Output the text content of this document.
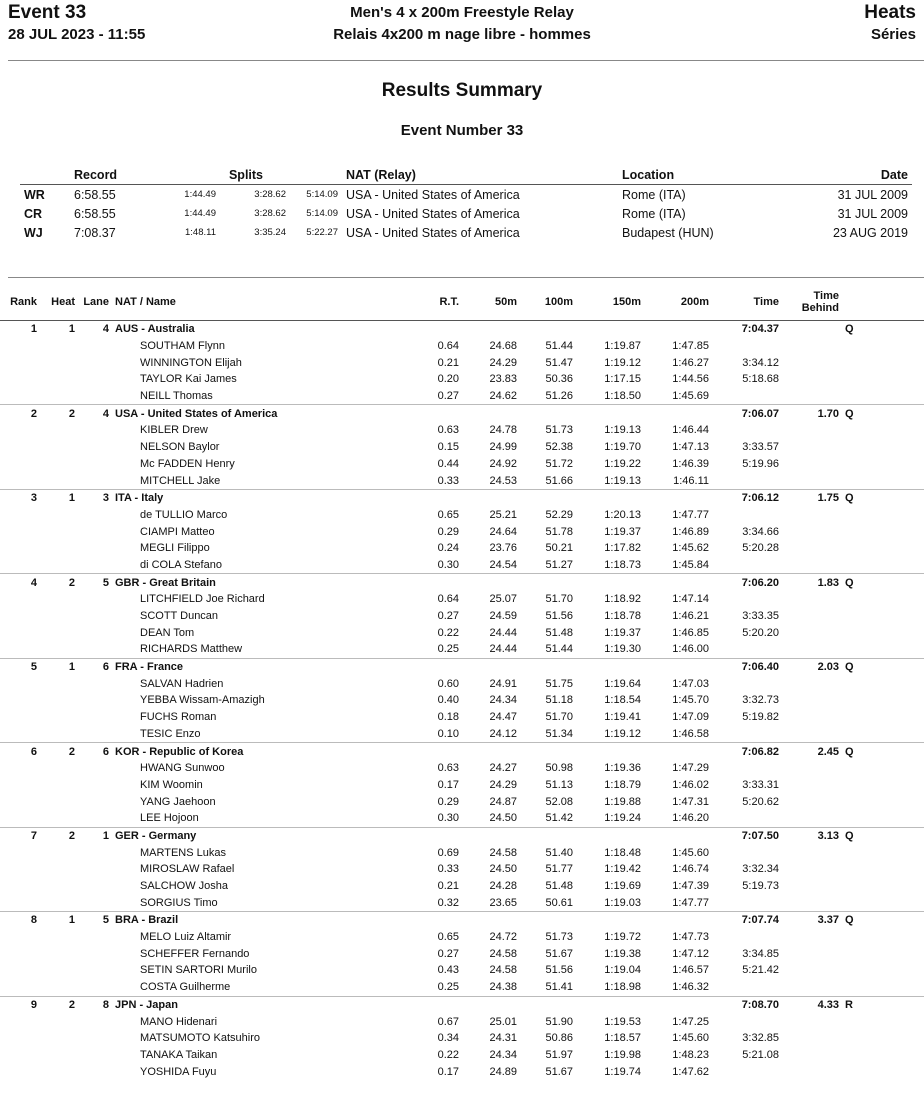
Event 33
28 JUL 2023 - 11:55
Men's 4 x 200m Freestyle Relay
Relais 4x200 m nage libre - hommes
Heats
Séries
Results Summary
Event Number 33
	Record	Splits			NAT (Relay)	Location	Date
WR	6:58.55	1:44.49	3:28.62	5:14.09	USA - United States of America	Rome (ITA)	31 JUL 2009
CR	6:58.55	1:44.49	3:28.62	5:14.09	USA - United States of America	Rome (ITA)	31 JUL 2009
WJ	7:08.37	1:48.11	3:35.24	5:22.27	USA - United States of America	Budapest (HUN)	23 AUG 2019
Rank	Heat	Lane	NAT / Name	R.T.	50m	100m	150m	200m	Time	Time
Behind	
1	1	4	AUS - Australia						7:04.37		Q
			SOUTHAM Flynn	0.64	24.68	51.44	1:19.87	1:47.85			
			WINNINGTON Elijah	0.21	24.29	51.47	1:19.12	1:46.27	3:34.12		
			TAYLOR Kai James	0.20	23.83	50.36	1:17.15	1:44.56	5:18.68		
			NEILL Thomas	0.27	24.62	51.26	1:18.50	1:45.69			
2	2	4	USA - United States of America						7:06.07	1.70	Q
			KIBLER Drew	0.63	24.78	51.73	1:19.13	1:46.44			
			NELSON Baylor	0.15	24.99	52.38	1:19.70	1:47.13	3:33.57		
			Mc FADDEN Henry	0.44	24.92	51.72	1:19.22	1:46.39	5:19.96		
			MITCHELL Jake	0.33	24.53	51.66	1:19.13	1:46.11			
3	1	3	ITA - Italy						7:06.12	1.75	Q
			de TULLIO Marco	0.65	25.21	52.29	1:20.13	1:47.77			
			CIAMPI Matteo	0.29	24.64	51.78	1:19.37	1:46.89	3:34.66		
			MEGLI Filippo	0.24	23.76	50.21	1:17.82	1:45.62	5:20.28		
			di COLA Stefano	0.30	24.54	51.27	1:18.73	1:45.84			
4	2	5	GBR - Great Britain						7:06.20	1.83	Q
			LITCHFIELD Joe Richard	0.64	25.07	51.70	1:18.92	1:47.14			
			SCOTT Duncan	0.27	24.59	51.56	1:18.78	1:46.21	3:33.35		
			DEAN Tom	0.22	24.44	51.48	1:19.37	1:46.85	5:20.20		
			RICHARDS Matthew	0.25	24.44	51.44	1:19.30	1:46.00			
5	1	6	FRA - France						7:06.40	2.03	Q
			SALVAN Hadrien	0.60	24.91	51.75	1:19.64	1:47.03			
			YEBBA Wissam-Amazigh	0.40	24.34	51.18	1:18.54	1:45.70	3:32.73		
			FUCHS Roman	0.18	24.47	51.70	1:19.41	1:47.09	5:19.82		
			TESIC Enzo	0.10	24.12	51.34	1:19.12	1:46.58			
6	2	6	KOR - Republic of Korea						7:06.82	2.45	Q
			HWANG Sunwoo	0.63	24.27	50.98	1:19.36	1:47.29			
			KIM Woomin	0.17	24.29	51.13	1:18.79	1:46.02	3:33.31		
			YANG Jaehoon	0.29	24.87	52.08	1:19.88	1:47.31	5:20.62		
			LEE Hojoon	0.30	24.50	51.42	1:19.24	1:46.20			
7	2	1	GER - Germany						7:07.50	3.13	Q
			MARTENS Lukas	0.69	24.58	51.40	1:18.48	1:45.60			
			MIROSLAW Rafael	0.33	24.50	51.77	1:19.42	1:46.74	3:32.34		
			SALCHOW Josha	0.21	24.28	51.48	1:19.69	1:47.39	5:19.73		
			SORGIUS Timo	0.32	23.65	50.61	1:19.03	1:47.77			
8	1	5	BRA - Brazil						7:07.74	3.37	Q
			MELO Luiz Altamir	0.65	24.72	51.73	1:19.72	1:47.73			
			SCHEFFER Fernando	0.27	24.58	51.67	1:19.38	1:47.12	3:34.85		
			SETIN SARTORI Murilo	0.43	24.58	51.56	1:19.04	1:46.57	5:21.42		
			COSTA Guilherme	0.25	24.38	51.41	1:18.98	1:46.32			
9	2	8	JPN - Japan						7:08.70	4.33	R
			MANO Hidenari	0.67	25.01	51.90	1:19.53	1:47.25			
			MATSUMOTO Katsuhiro	0.34	24.31	50.86	1:18.57	1:45.60	3:32.85		
			TANAKA Taikan	0.22	24.34	51.97	1:19.98	1:48.23	5:21.08		
			YOSHIDA Fuyu	0.17	24.89	51.67	1:19.74	1:47.62			
